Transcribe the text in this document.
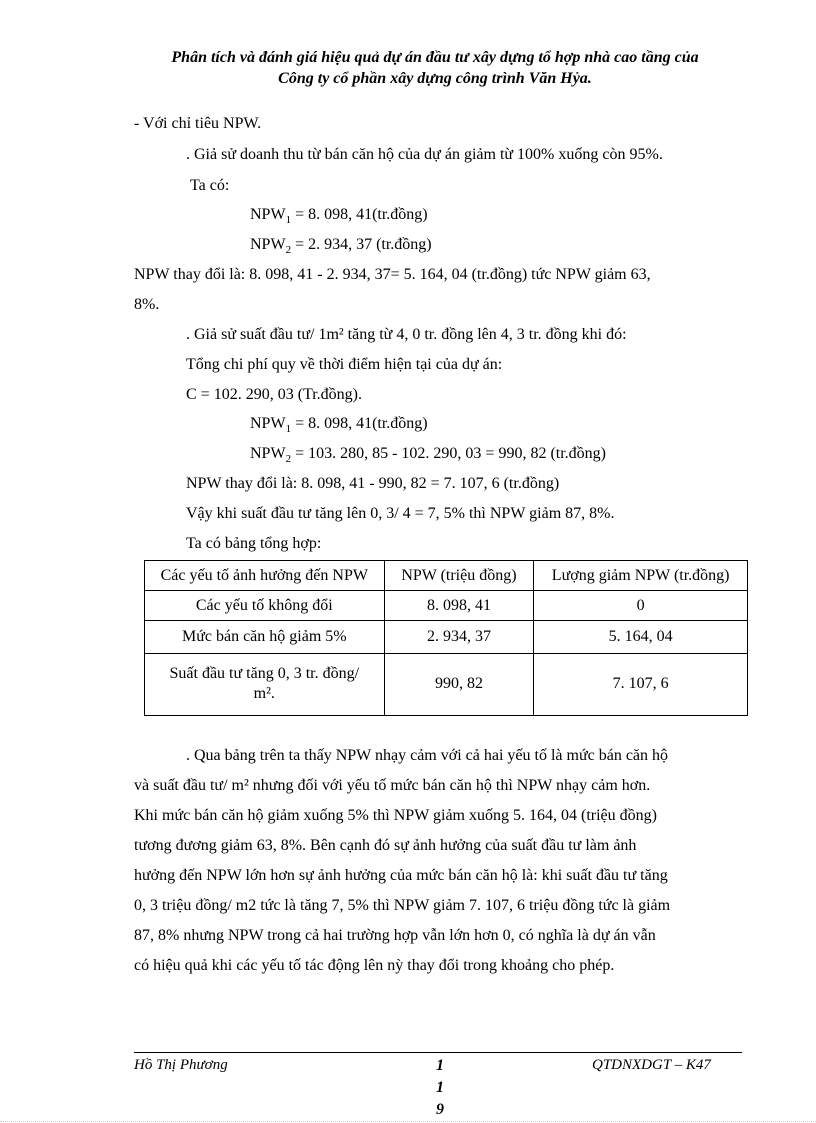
Phân tích và đánh giá hiệu quả dự án đầu tư xây dựng tổ hợp nhà cao tầng của
Công ty cổ phần xây dựng công trình Văn Hỷa.
- Với chỉ tiêu NPW.
. Giả sử doanh thu từ bán căn hộ của dự án giảm từ 100% xuống còn 95%.
Ta có:
$NPW_1 = 8$. 098, 41(tr.đồng)
$NPW_2 = 2$. 934, 37 (tr.đồng)
NPW thay đổi là: 8. 098, 41 - 2. 934, 37= 5. 164, 04 (tr.đồng) tức NPW giảm 63,
8%.
. Giả sử suất đầu tư/ 1m² tăng từ 4, 0 tr. đồng lên 4, 3 tr. đồng khi đó:
Tổng chi phí quy về thời điểm hiện tại của dự án:
C = 102. 290, 03 (Tr.đồng).
$NPW_1 = 8$. 098, 41(tr.đồng)
$NPW_2 = 103$. 280, 85 - 102. 290, 03 = 990, 82 (tr.đồng)
NPW thay đổi là: 8. 098, 41 - 990, 82 = 7. 107, 6 (tr.đồng)
Vậy khi suất đầu tư tăng lên 0, 3/ 4 = 7, 5% thì NPW giảm 87, 8%.
Ta có bảng tổng hợp:
Các yếu tố ảnh hưởng đến NPW	NPW (triệu đồng)	Lượng giảm NPW (tr.đồng)
Các yếu tố không đổi	8. 098, 41	0
Mức bán căn hộ giảm 5%	2. 934, 37	5. 164, 04

Suất đầu tư tăng 0, 3 tr. đồng/
m².	990, 82	7. 107, 6
. Qua bảng trên ta thấy NPW nhạy cảm với cả hai yếu tố là mức bán căn hộ
và suất đầu tư/ m² nhưng đối với yếu tố mức bán căn hộ thì NPW nhạy cảm hơn.
Khi mức bán căn hộ giảm xuống 5% thì NPW giảm xuống 5. 164, 04 (triệu đồng)
tương đương giảm 63, 8%. Bên cạnh đó sự ảnh hưởng của suất đầu tư làm ảnh
hưởng đến NPW lớn hơn sự ảnh hưởng của mức bán căn hộ là: khi suất đầu tư tăng
0, 3 triệu đồng/ m2 tức là tăng 7, 5% thì NPW giảm 7. 107, 6 triệu đồng tức là giảm
87, 8% nhưng NPW trong cả hai trường hợp vẫn lớn hơn 0, có nghĩa là dự án vẫn
có hiệu quả khi các yếu tố tác động lên nỳ thay đổi trong khoảng cho phép.
Hồ Thị Phương	1
1
9
QTDNXDGT – K47
